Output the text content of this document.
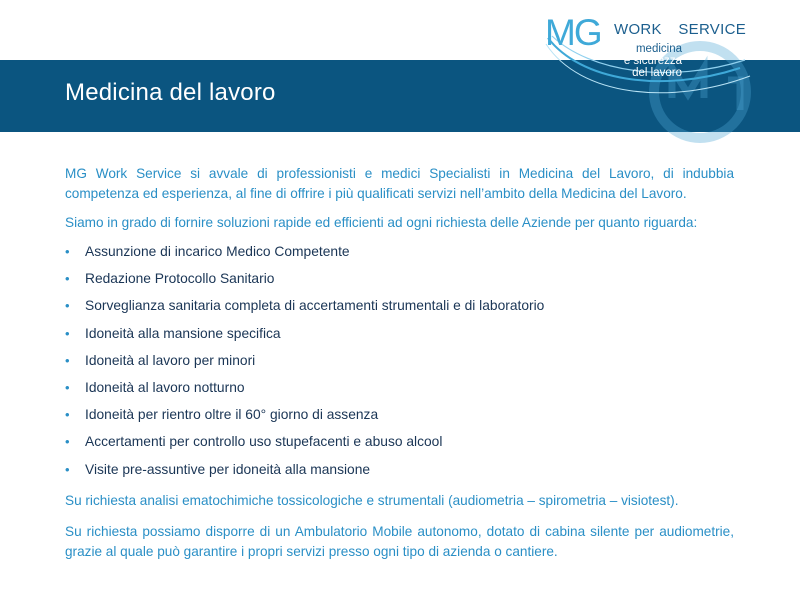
MG WORK SERVICE
medicina
e sicurezza
del lavoro
Medicina del lavoro

MG Work Service si avvale di professionisti e medici Specialisti in Medicina del Lavoro, di indubbia competenza ed esperienza, al fine di offrire i più qualificati servizi nell’ambito della Medicina del Lavoro.

Siamo in grado di fornire soluzioni rapide ed efficienti ad ogni richiesta delle Aziende per quanto riguarda:

• Assunzione di incarico Medico Competente
• Redazione Protocollo Sanitario
• Sorveglianza sanitaria completa di accertamenti strumentali e di laboratorio
• Idoneità alla mansione specifica
• Idoneità al lavoro per minori
• Idoneità al lavoro notturno
• Idoneità per rientro oltre il 60° giorno di assenza
• Accertamenti per controllo uso stupefacenti e abuso alcool
• Visite pre-assuntive per idoneità alla mansione

Su richiesta analisi ematochimiche tossicologiche e strumentali (audiometria – spirometria – visiotest).

Su richiesta possiamo disporre di un Ambulatorio Mobile autonomo, dotato di cabina silente per audiometrie, grazie al quale può garantire i propri servizi presso ogni tipo di azienda o cantiere.
